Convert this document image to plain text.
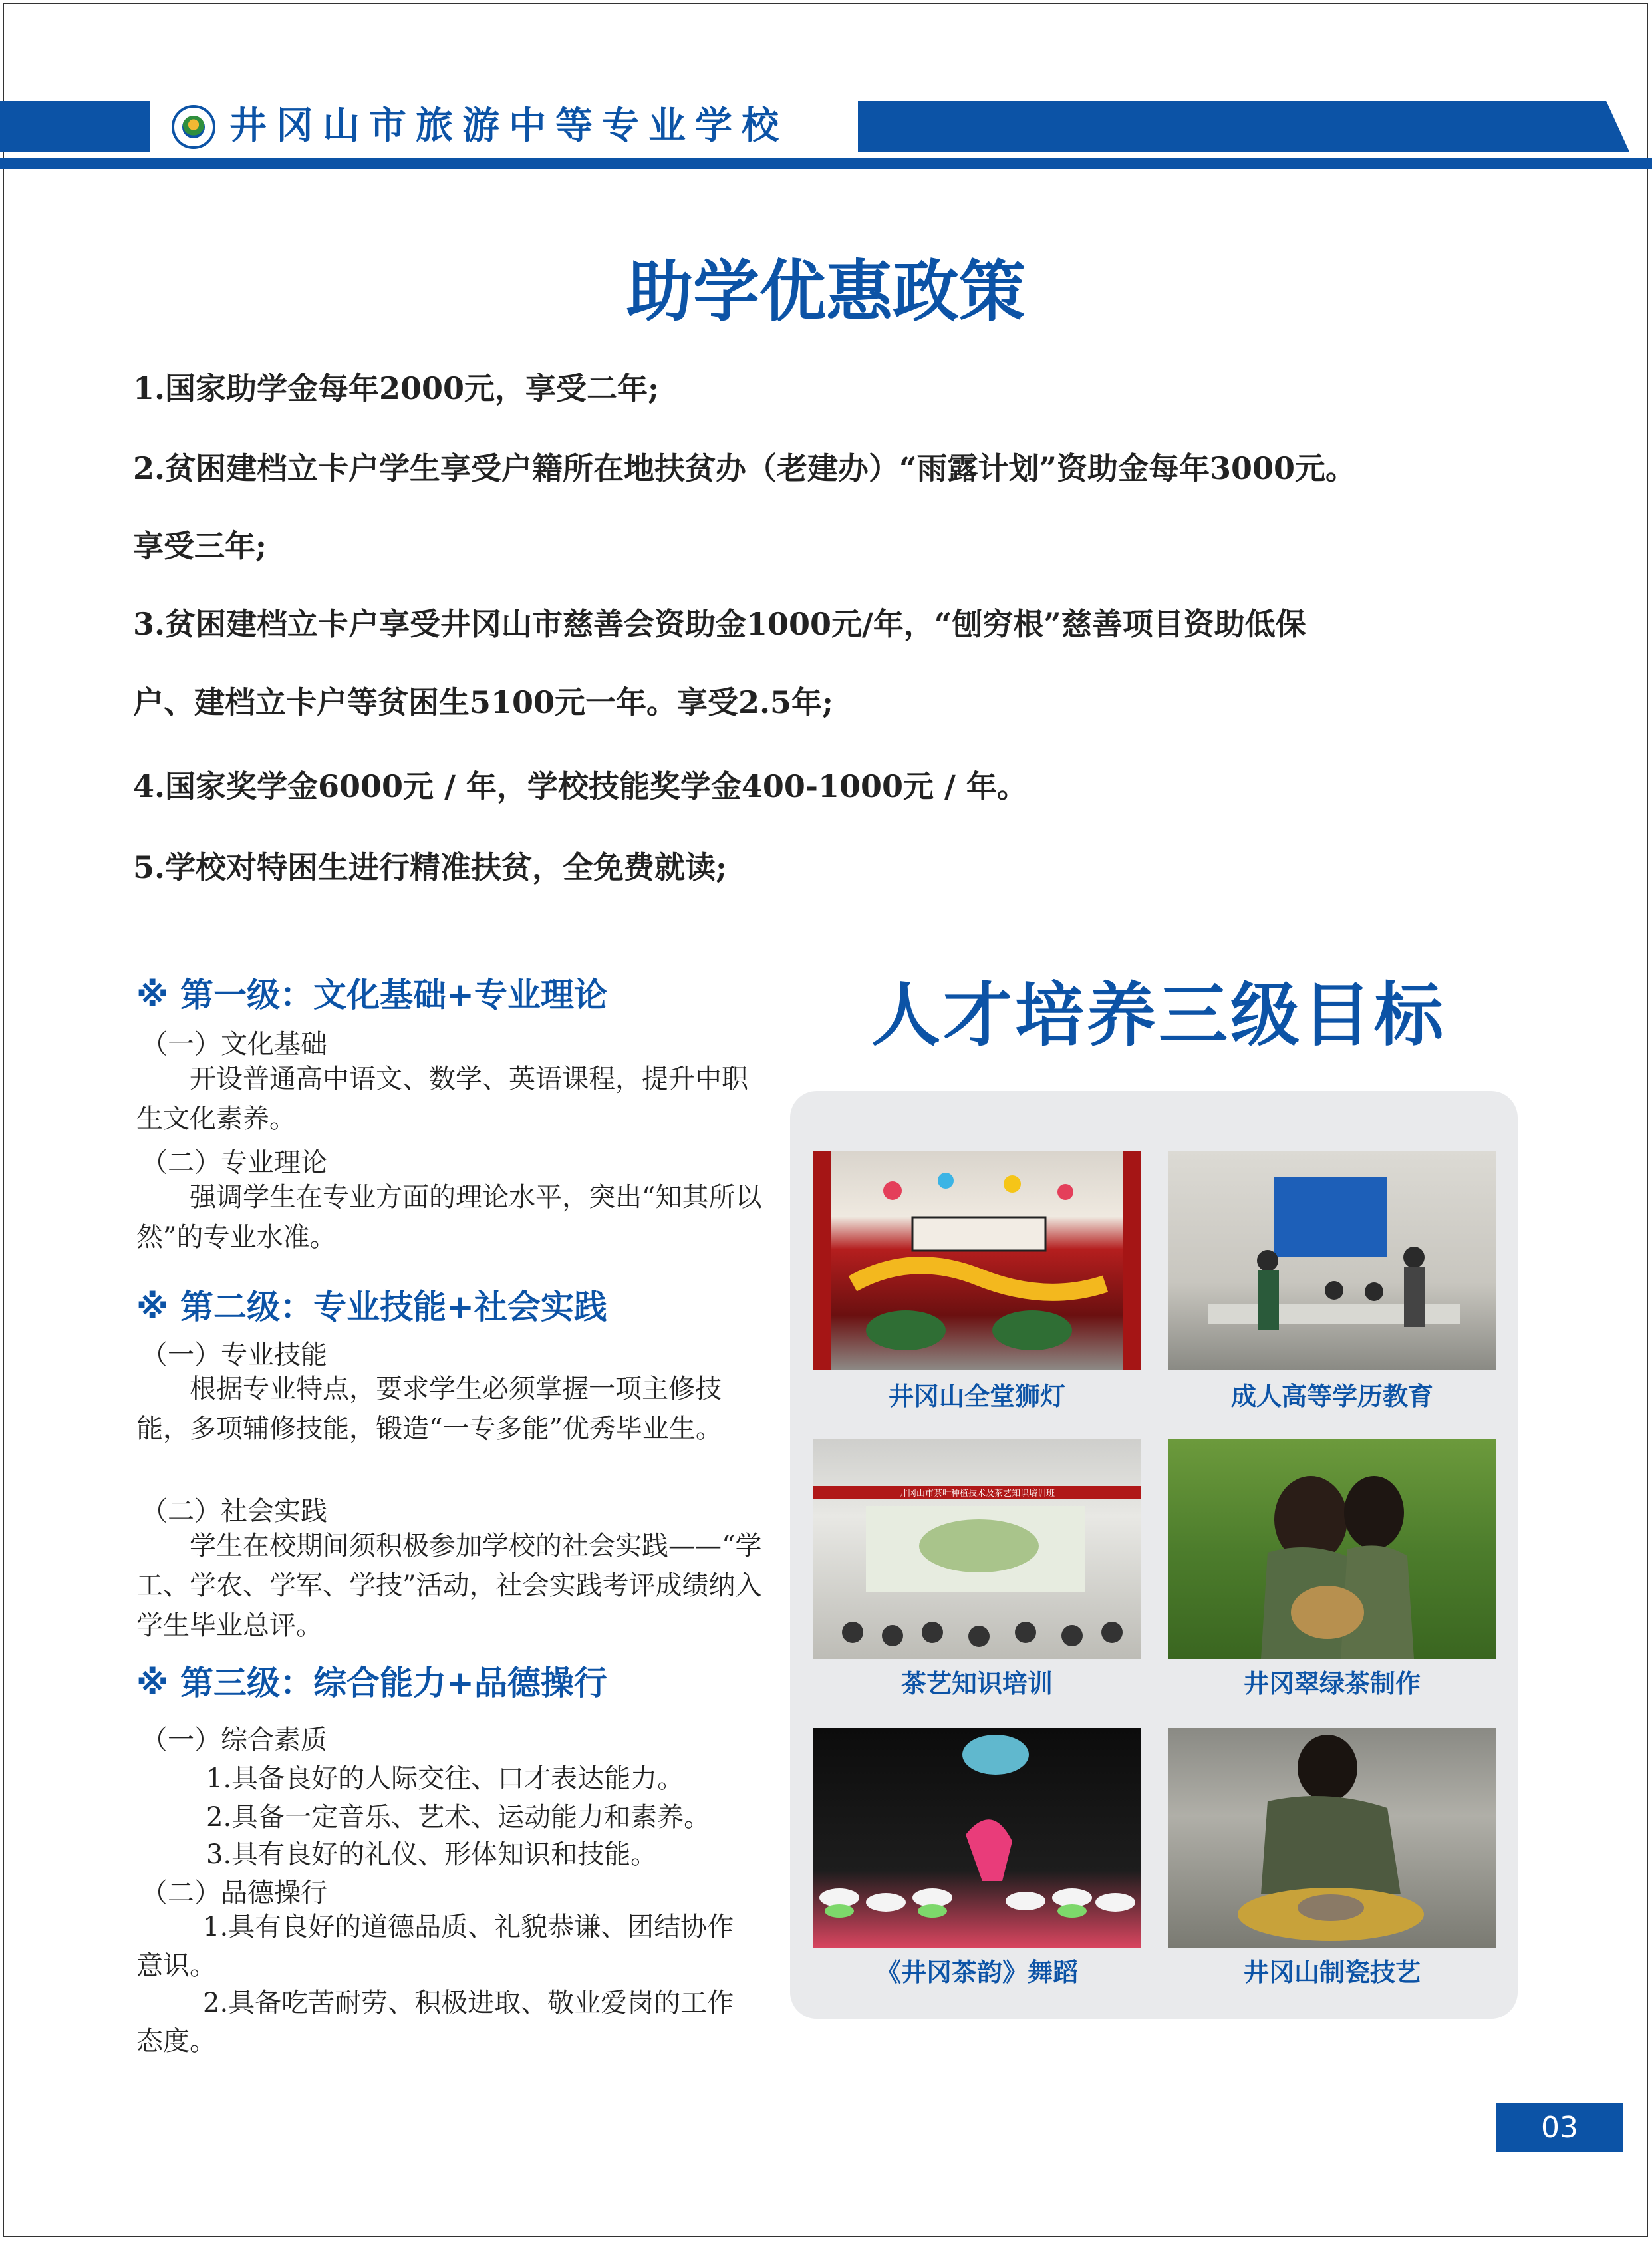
井冈山市旅游中等专业学校
助学优惠政策
1.国家助学金每年2000元，享受二年;
2.贫困建档立卡户学生享受户籍所在地扶贫办（老建办）“雨露计划”资助金每年3000元。
享受三年;
3.贫困建档立卡户享受井冈山市慈善会资助金1000元/年，“刨穷根”慈善项目资助低保
户、建档立卡户等贫困生5100元一年。享受2.5年;
4.国家奖学金6000元 / 年，学校技能奖学金400-1000元 / 年。
5.学校对特困生进行精准扶贫，全免费就读;
※ 第一级：文化基础+专业理论
（一）文化基础
开设普通高中语文、数学、英语课程，提升中职生文化素养。
（二）专业理论
强调学生在专业方面的理论水平，突出“知其所以然”的专业水准。
※ 第二级：专业技能+社会实践
（一）专业技能
根据专业特点，要求学生必须掌握一项主修技能，多项辅修技能，锻造“一专多能”优秀毕业生。
（二）社会实践
学生在校期间须积极参加学校的社会实践——“学工、学农、学军、学技”活动，社会实践考评成绩纳入学生毕业总评。
※ 第三级：综合能力+品德操行
（一）综合素质
1.具备良好的人际交往、口才表达能力。
2.具备一定音乐、艺术、运动能力和素养。
3.具有良好的礼仪、形体知识和技能。
（二）品德操行
1.具有良好的道德品质、礼貌恭谦、团结协作意识。
2.具备吃苦耐劳、积极进取、敬业爱岗的工作态度。
人才培养三级目标
井冈山全堂狮灯	成人高等学历教育
井冈山市茶叶种植技术及茶艺知识培训班
茶艺知识培训	井冈翠绿茶制作
《井冈茶韵》舞蹈	井冈山制瓷技艺
03
